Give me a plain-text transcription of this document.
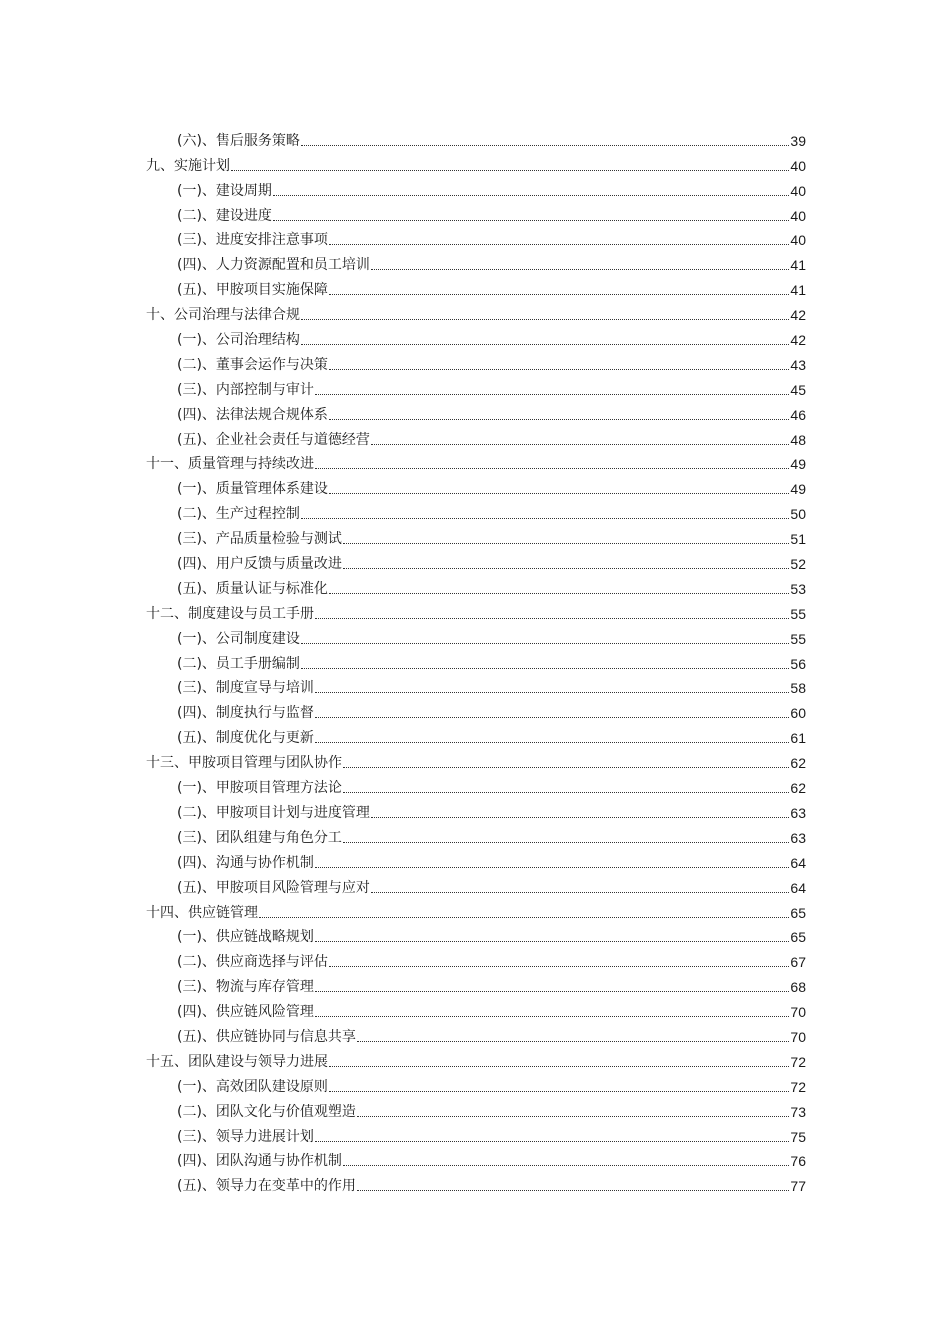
(六)、售后服务策略	39
九、实施计划	40
(一)、建设周期	40
(二)、建设进度	40
(三)、进度安排注意事项	40
(四)、人力资源配置和员工培训	41
(五)、甲胺项目实施保障	41
十、公司治理与法律合规	42
(一)、公司治理结构	42
(二)、董事会运作与决策	43
(三)、内部控制与审计	45
(四)、法律法规合规体系	46
(五)、企业社会责任与道德经营	48
十一、质量管理与持续改进	49
(一)、质量管理体系建设	49
(二)、生产过程控制	50
(三)、产品质量检验与测试	51
(四)、用户反馈与质量改进	52
(五)、质量认证与标准化	53
十二、制度建设与员工手册	55
(一)、公司制度建设	55
(二)、员工手册编制	56
(三)、制度宣导与培训	58
(四)、制度执行与监督	60
(五)、制度优化与更新	61
十三、甲胺项目管理与团队协作	62
(一)、甲胺项目管理方法论	62
(二)、甲胺项目计划与进度管理	63
(三)、团队组建与角色分工	63
(四)、沟通与协作机制	64
(五)、甲胺项目风险管理与应对	64
十四、供应链管理	65
(一)、供应链战略规划	65
(二)、供应商选择与评估	67
(三)、物流与库存管理	68
(四)、供应链风险管理	70
(五)、供应链协同与信息共享	70
十五、团队建设与领导力进展	72
(一)、高效团队建设原则	72
(二)、团队文化与价值观塑造	73
(三)、领导力进展计划	75
(四)、团队沟通与协作机制	76
(五)、领导力在变革中的作用	77
